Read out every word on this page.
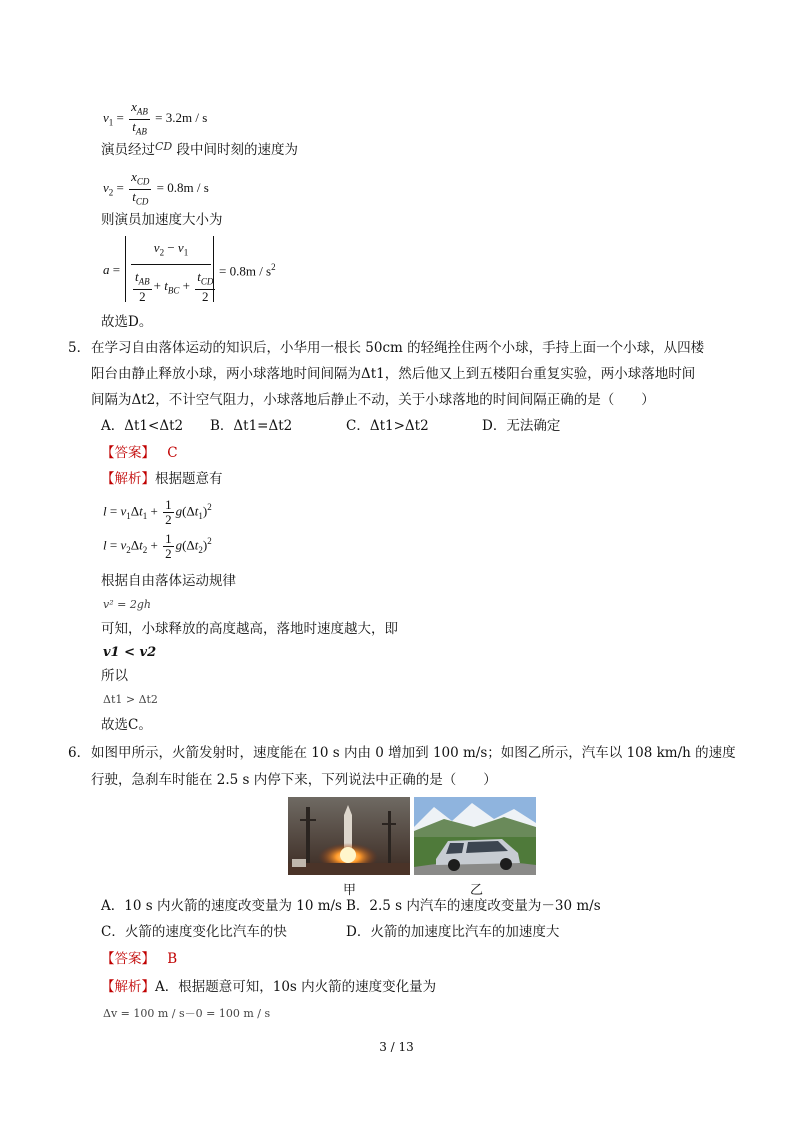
$v_1 = \frac{x_{AB}}{t_{AB}} = 3.2m / s$
演员经过$^{CD}$ 段中间时刻的速度为
$v_2 = \frac{x_{CD}}{t_{CD}} = 0.8m / s$
则演员加速度大小为
a =
$v_2 - v_1$
$\frac{t_{AB}}{2} + t_{BC} + \frac{t_{CD}}{2} = 0.8m / s^2$
故选D。
5． 在学习自由落体运动的知识后，小华用一根长 50cm 的轻绳拴住两个小球，手持上面一个小球，从四楼
阳台由静止释放小球，两小球落地时间间隔为Δt1，然后他又上到五楼阳台重复实验，两小球落地时间
间隔为Δt2，不计空气阻力，小球落地后静止不动，关于小球落地的时间间隔正确的是（　　）
A．Δt1<Δt2 B．Δt1=Δt2	C．Δt1>Δt2	D．无法确定
【答案】 C
【解析】根据题意有
$l = v_1\Delta t_1 + \frac{1}{2} g(\Delta t_1)^2$
$l = v_2\Delta t_2 + \frac{1}{2} g(\Delta t_2)^2$
根据自由落体运动规律
v² = 2gh
可知，小球释放的高度越高，落地时速度越大，即
v1 < v2
所以
Δt1 > Δt2
故选C。
6． 如图甲所示，火箭发射时，速度能在 10 s 内由 0 增加到 100 m/s；如图乙所示，汽车以 108 km/h 的速度
行驶，急刹车时能在 2.5 s 内停下来，下列说法中正确的是（　　）
甲	乙
A．10 s 内火箭的速度改变量为 10 m/s B．2.5 s 内汽车的速度改变量为－30 m/s
C．火箭的速度变化比汽车的快	D．火箭的加速度比汽车的加速度大
【答案】 B
【解析】A．根据题意可知，10s 内火箭的速度变化量为
Δv = 100 m / s－0 = 100 m / s
3 / 13
